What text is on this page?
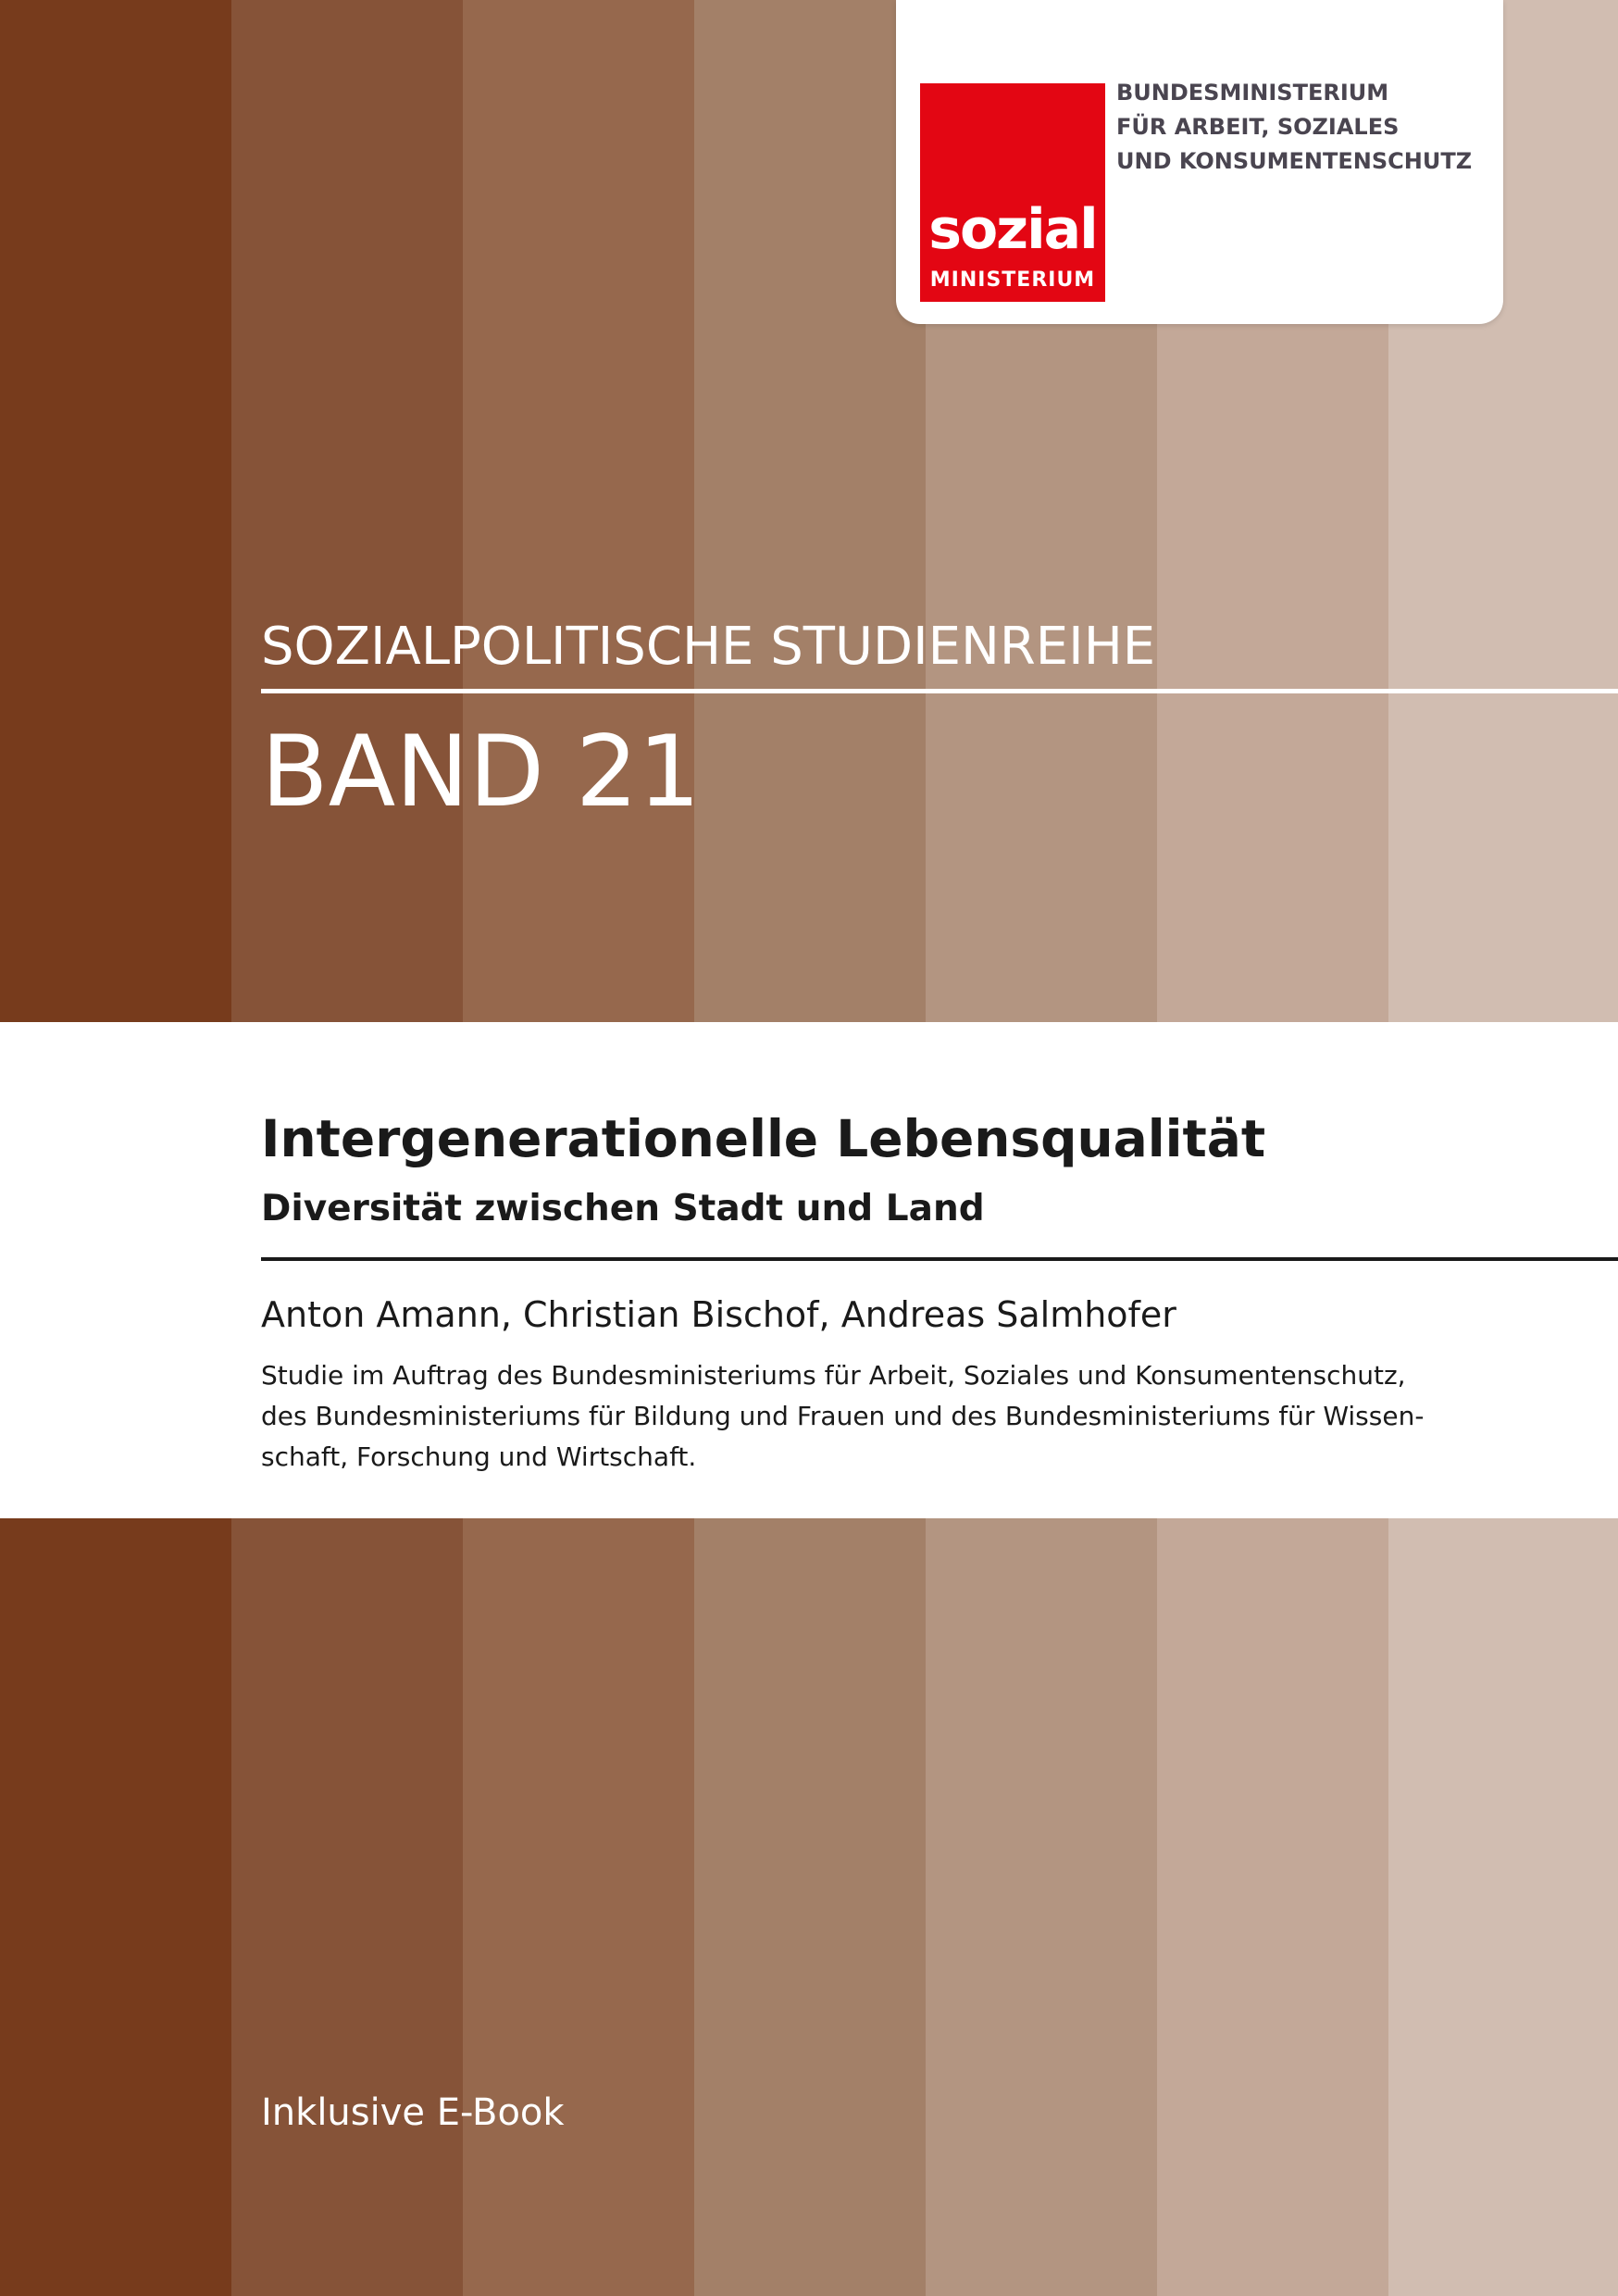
sozial
MINISTERIUM
BUNDESMINISTERIUM
FÜR ARBEIT, SOZIALES
UND KONSUMENTENSCHUTZ
SOZIALPOLITISCHE STUDIENREIHE
BAND 21
Intergenerationelle Lebensqualität
Diversität zwischen Stadt und Land
Anton Amann, Christian Bischof, Andreas Salmhofer
Studie im Auftrag des Bundesministeriums für Arbeit, Soziales und Konsumentenschutz,
des Bundesministeriums für Bildung und Frauen und des Bundesministeriums für Wissen-
schaft, Forschung und Wirtschaft.
Inklusive E-Book
